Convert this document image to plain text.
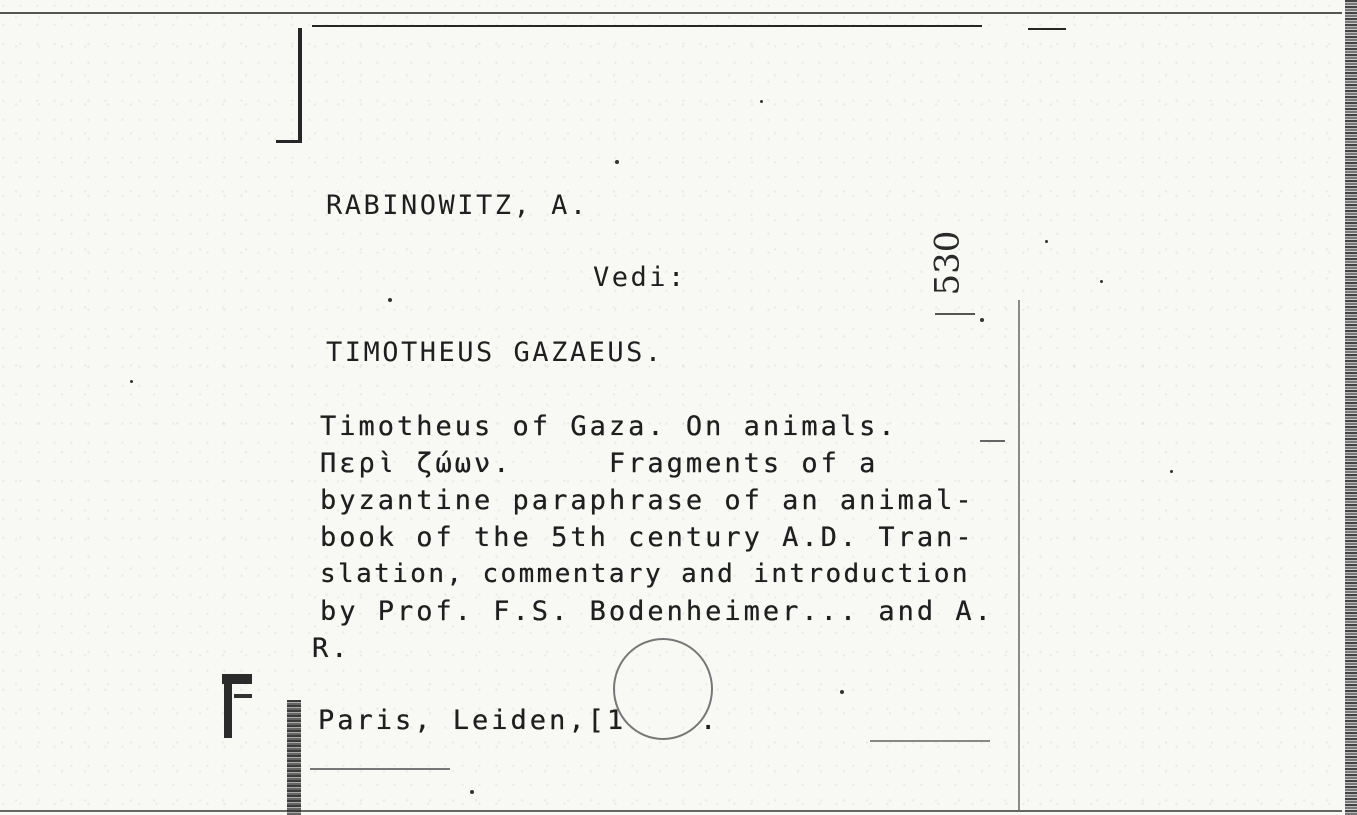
RABINOWITZ, A.
Vedi:	530
TIMOTHEUS GAZAEUS.
Timotheus of Gaza. On animals.
Περὶ ζώων.     Fragments of a
byzantine paraphrase of an animal-
book of the 5th century A.D. Tran-
slation, commentary and introduction
by Prof. F.S. Bodenheimer... and A.
R.
Paris, Leiden,[1	.
